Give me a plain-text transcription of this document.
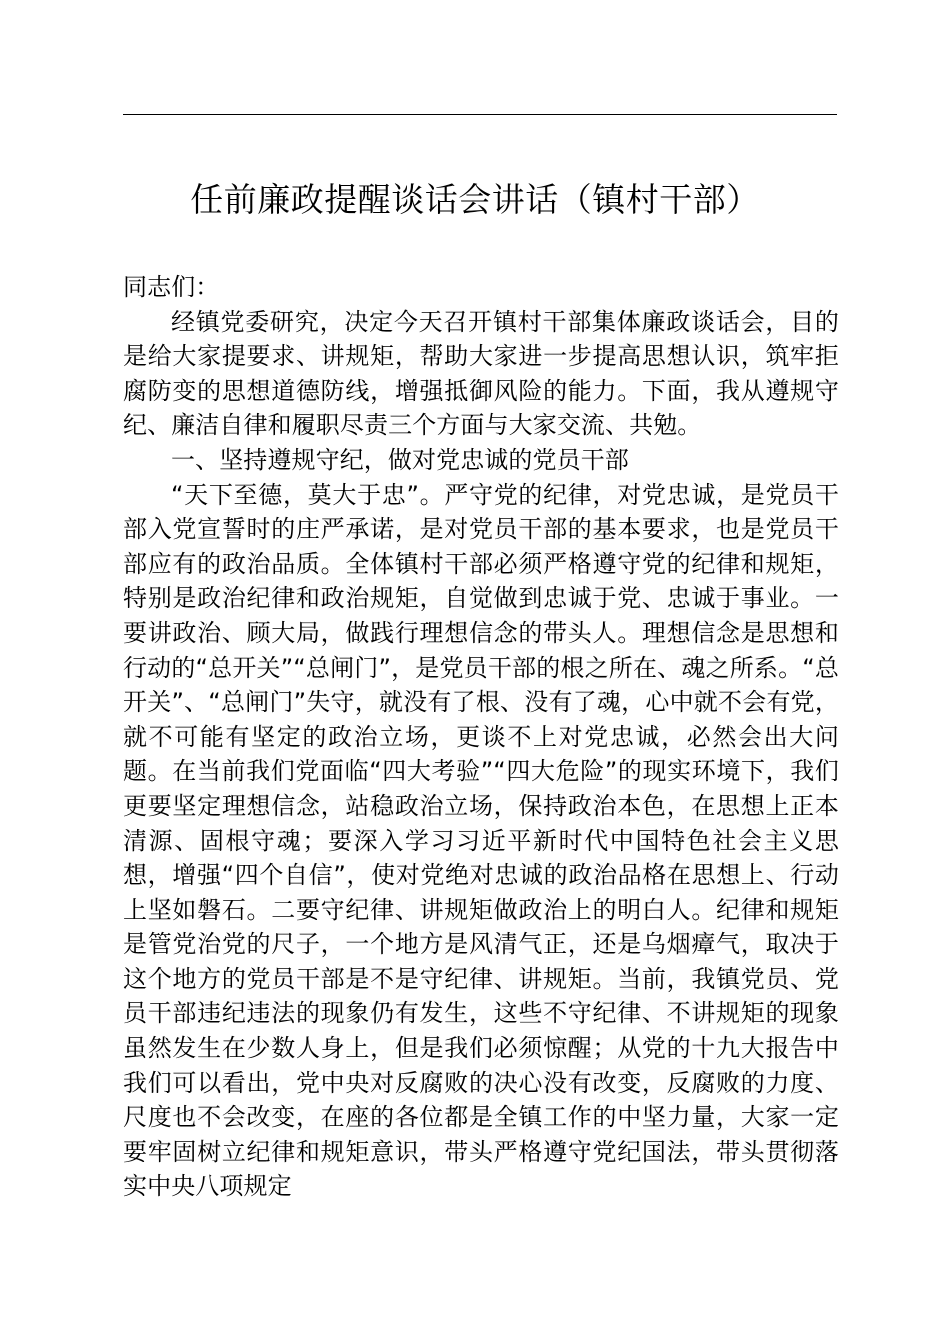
任前廉政提醒谈话会讲话（镇村干部）

同志们：

经镇党委研究，决定今天召开镇村干部集体廉政谈话会，目的是给大家提要求、讲规矩，帮助大家进一步提高思想认识，筑牢拒腐防变的思想道德防线，增强抵御风险的能力。下面，我从遵规守纪、廉洁自律和履职尽责三个方面与大家交流、共勉。

一、坚持遵规守纪，做对党忠诚的党员干部

“天下至德，莫大于忠”。严守党的纪律，对党忠诚，是党员干部入党宣誓时的庄严承诺，是对党员干部的基本要求，也是党员干部应有的政治品质。全体镇村干部必须严格遵守党的纪律和规矩，特别是政治纪律和政治规矩，自觉做到忠诚于党、忠诚于事业。一要讲政治、顾大局，做践行理想信念的带头人。理想信念是思想和行动的“总开关”“总闸门”，是党员干部的根之所在、魂之所系。“总开关”、“总闸门”失守，就没有了根、没有了魂，心中就不会有党，就不可能有坚定的政治立场，更谈不上对党忠诚，必然会出大问题。在当前我们党面临“四大考验”“四大危险”的现实环境下，我们更要坚定理想信念，站稳政治立场，保持政治本色，在思想上正本清源、固根守魂；要深入学习习近平新时代中国特色社会主义思想，增强“四个自信”，使对党绝对忠诚的政治品格在思想上、行动上坚如磐石。二要守纪律、讲规矩做政治上的明白人。纪律和规矩是管党治党的尺子，一个地方是风清气正，还是乌烟瘴气，取决于这个地方的党员干部是不是守纪律、讲规矩。当前，我镇党员、党员干部违纪违法的现象仍有发生，这些不守纪律、不讲规矩的现象虽然发生在少数人身上，但是我们必须惊醒；从党的十九大报告中我们可以看出，党中央对反腐败的决心没有改变，反腐败的力度、尺度也不会改变，在座的各位都是全镇工作的中坚力量，大家一定要牢固树立纪律和规矩意识，带头严格遵守党纪国法，带头贯彻落实中央八项规定
